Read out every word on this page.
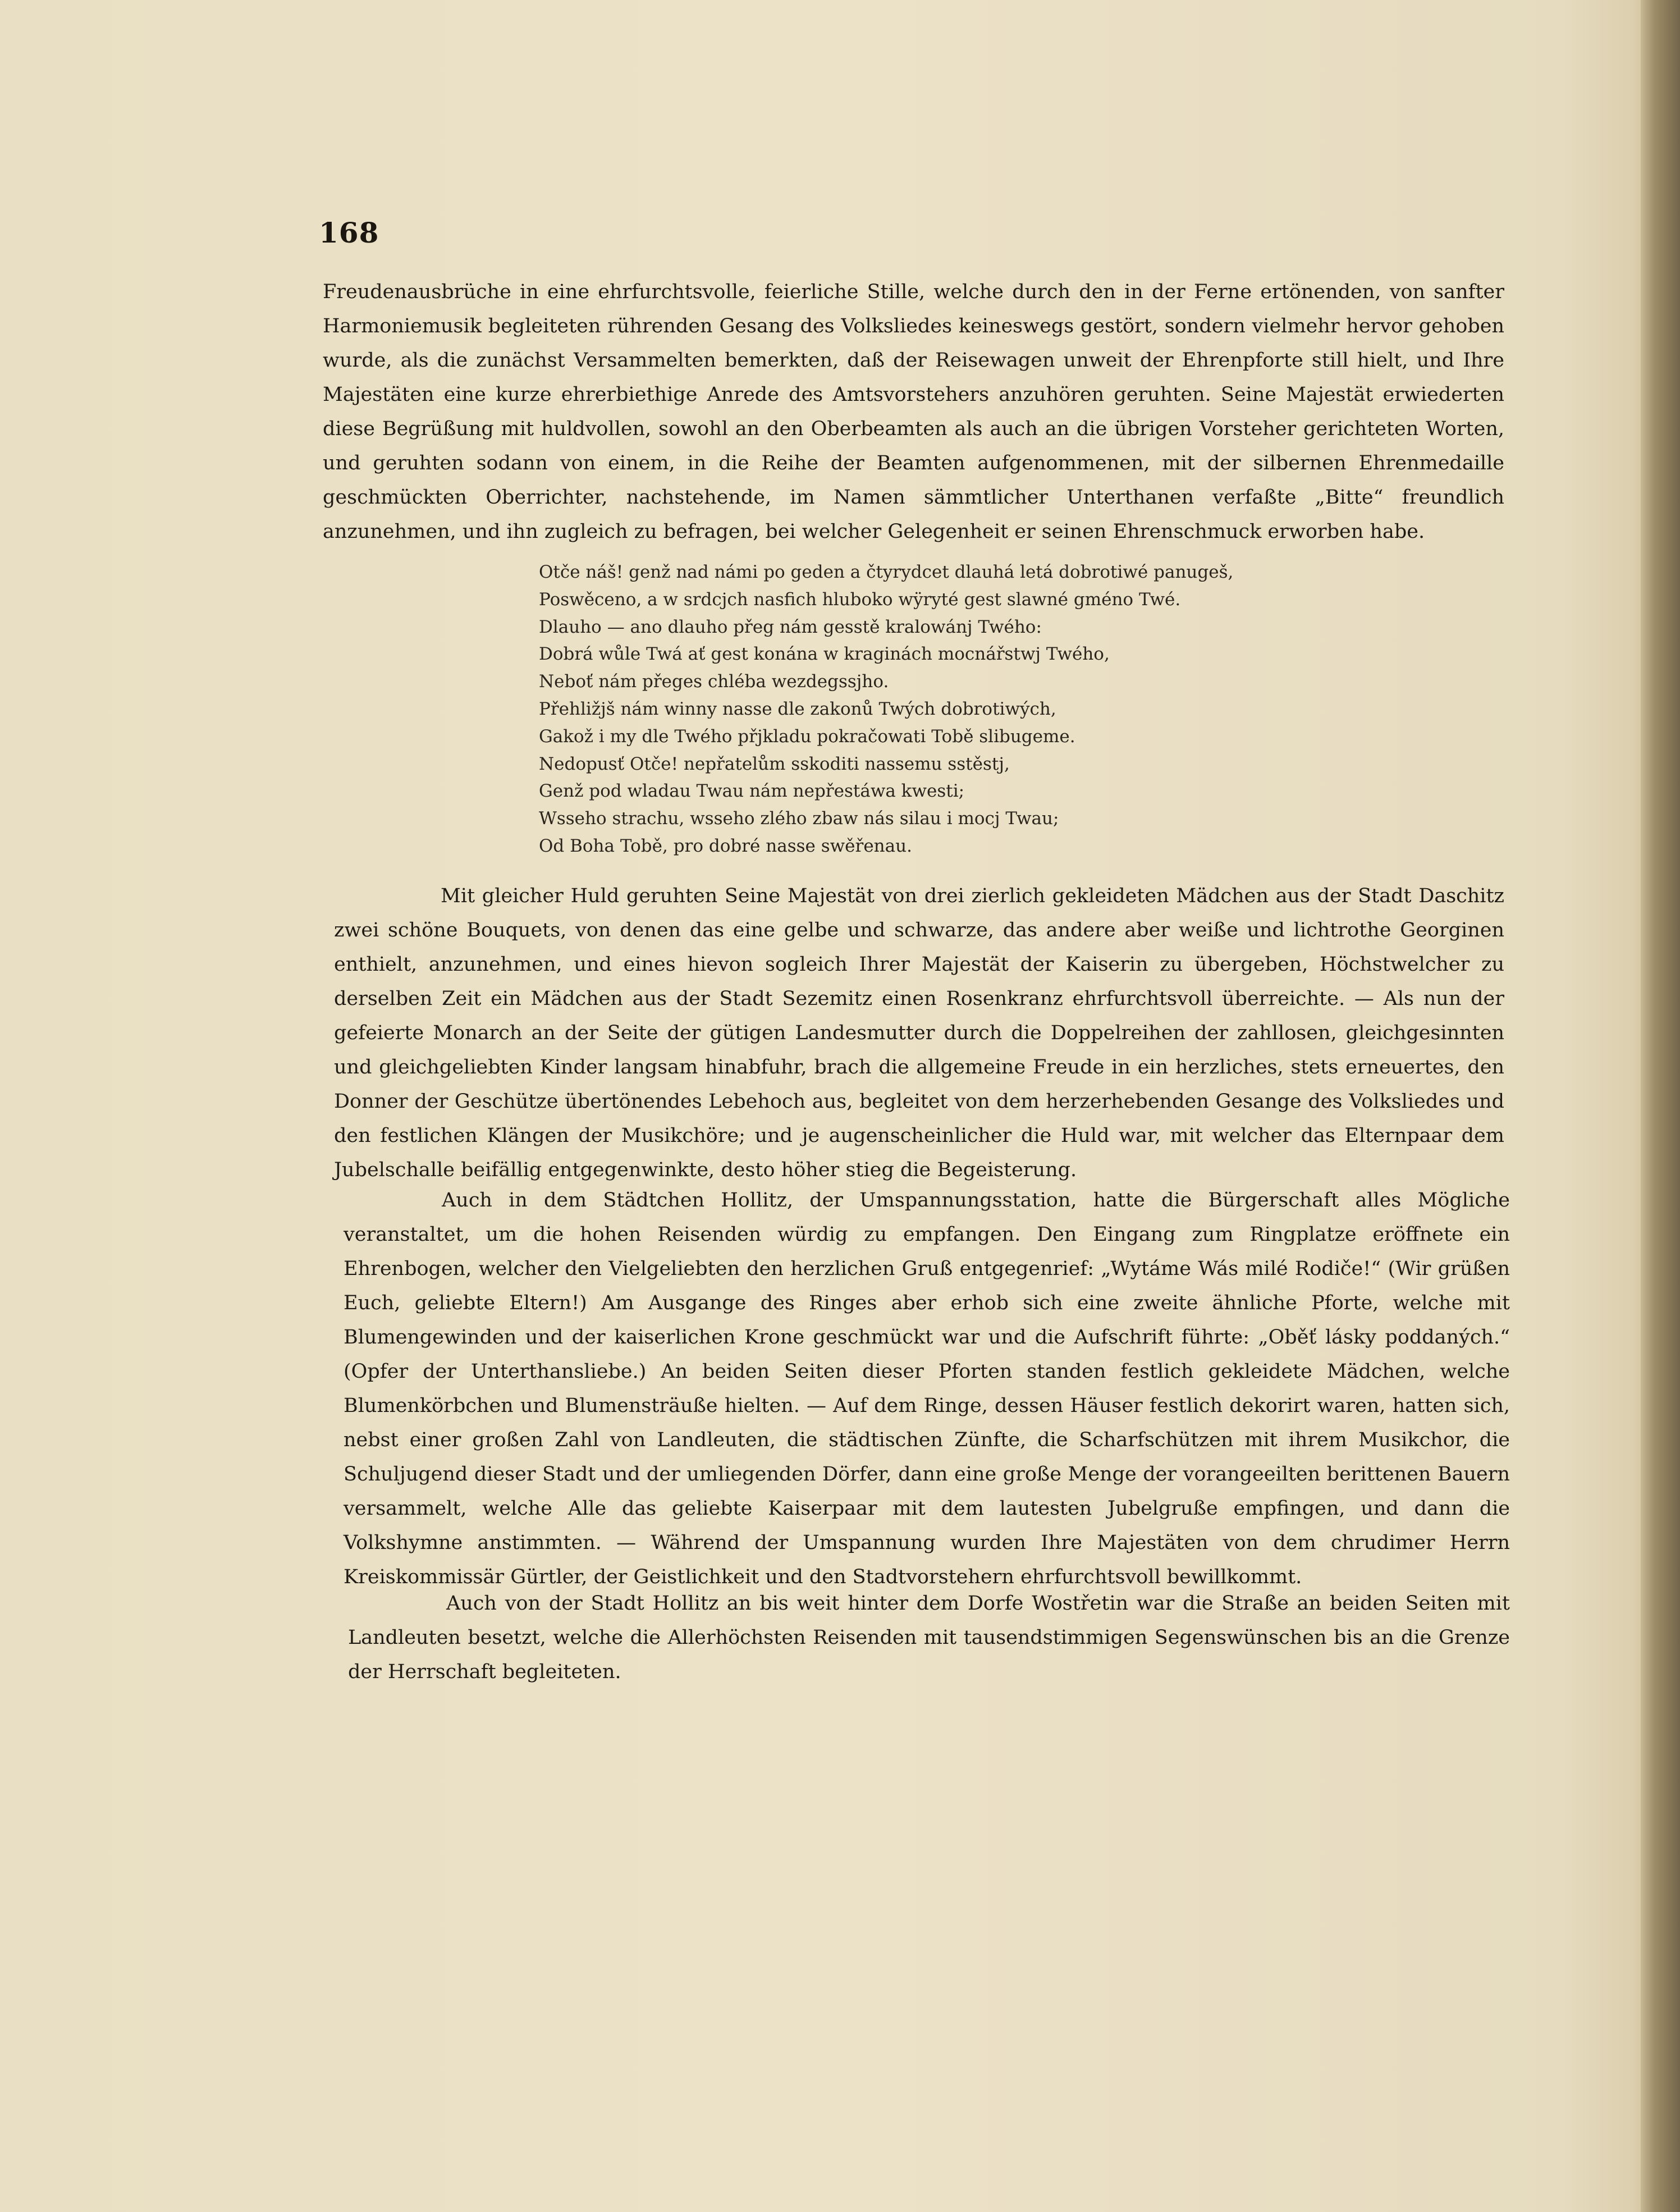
168

Freudenausbrüche in eine ehrfurchtsvolle, feierliche Stille, welche durch den in der Ferne ertönenden, von sanfter Harmoniemusik begleiteten rührenden Gesang des Volksliedes keineswegs gestört, sondern vielmehr hervor gehoben wurde, als die zunächst Versammelten bemerkten, daß der Reisewagen unweit der Ehrenpforte still hielt, und Ihre Majestäten eine kurze ehrerbiethige Anrede des Amtsvorstehers anzuhören geruhten. Seine Majestät erwiederten diese Begrüßung mit huldvollen, sowohl an den Oberbeamten als auch an die übrigen Vorsteher gerichteten Worten, und geruhten sodann von einem, in die Reihe der Beamten aufgenommenen, mit der silbernen Ehrenmedaille geschmückten Oberrichter, nachstehende, im Namen sämmtlicher Unterthanen verfaßte „Bitte“ freundlich anzunehmen, und ihn zugleich zu befragen, bei welcher Gelegenheit er seinen Ehrenschmuck erworben habe.

Otče náš! genž nad námi po geden a čtyrydcet dlauhá letá dobrotiwé panugeš,
Poswěceno, a w srdcjch nasfich hluboko wÿryté gest slawné gméno Twé.
Dlauho — ano dlauho přeg nám gesstě kralowánj Twého:
Dobrá wůle Twá ať gest konána w kraginách mocnářstwj Twého,
Neboť nám přeges chléba wezdegssjho.
Přehližjš nám winny nasse dle zakonů Twých dobrotiwých,
Gakož i my dle Twého přjkladu pokračowati Tobě slibugeme.
Nedopusť Otče! nepřatelům sskoditi nassemu sstěstj,
Genž pod wladau Twau nám nepřestáwa kwesti;
Wsseho strachu, wsseho zlého zbaw nás silau i mocj Twau;
Od Boha Tobě, pro dobré nasse swěřenau.

Mit gleicher Huld geruhten Seine Majestät von drei zierlich gekleideten Mädchen aus der Stadt Daschitz zwei schöne Bouquets, von denen das eine gelbe und schwarze, das andere aber weiße und lichtrothe Georginen enthielt, anzunehmen, und eines hievon sogleich Ihrer Majestät der Kaiserin zu übergeben, Höchstwelcher zu derselben Zeit ein Mädchen aus der Stadt Sezemitz einen Rosenkranz ehrfurchtsvoll überreichte. — Als nun der gefeierte Monarch an der Seite der gütigen Landesmutter durch die Doppelreihen der zahllosen, gleichgesinnten und gleichgeliebten Kinder langsam hinabfuhr, brach die allgemeine Freude in ein herzliches, stets erneuertes, den Donner der Geschütze übertönendes Lebehoch aus, begleitet von dem herzerhebenden Gesange des Volksliedes und den festlichen Klängen der Musikchöre; und je augenscheinlicher die Huld war, mit welcher das Elternpaar dem Jubelschalle beifällig entgegenwinkte, desto höher stieg die Begeisterung.

Auch in dem Städtchen Hollitz, der Umspannungsstation, hatte die Bürgerschaft alles Mögliche veranstaltet, um die hohen Reisenden würdig zu empfangen. Den Eingang zum Ringplatze eröffnete ein Ehrenbogen, welcher den Vielgeliebten den herzlichen Gruß entgegenrief: „Wytáme Wás milé Rodiče!“ (Wir grüßen Euch, geliebte Eltern!) Am Ausgange des Ringes aber erhob sich eine zweite ähnliche Pforte, welche mit Blumengewinden und der kaiserlichen Krone geschmückt war und die Aufschrift führte: „Oběť lásky poddaných.“ (Opfer der Unterthansliebe.) An beiden Seiten dieser Pforten standen festlich gekleidete Mädchen, welche Blumenkörbchen und Blumensträuße hielten. — Auf dem Ringe, dessen Häuser festlich dekorirt waren, hatten sich, nebst einer großen Zahl von Landleuten, die städtischen Zünfte, die Scharfschützen mit ihrem Musikchor, die Schuljugend dieser Stadt und der umliegenden Dörfer, dann eine große Menge der vorangeeilten berittenen Bauern versammelt, welche Alle das geliebte Kaiserpaar mit dem lautesten Jubelgruße empfingen, und dann die Volkshymne anstimmten. — Während der Umspannung wurden Ihre Majestäten von dem chrudimer Herrn Kreiskommissär Gürtler, der Geistlichkeit und den Stadtvorstehern ehrfurchtsvoll bewillkommt.

Auch von der Stadt Hollitz an bis weit hinter dem Dorfe Wostřetin war die Straße an beiden Seiten mit Landleuten besetzt, welche die Allerhöchsten Reisenden mit tausendstimmigen Segenswünschen bis an die Grenze der Herrschaft begleiteten.
